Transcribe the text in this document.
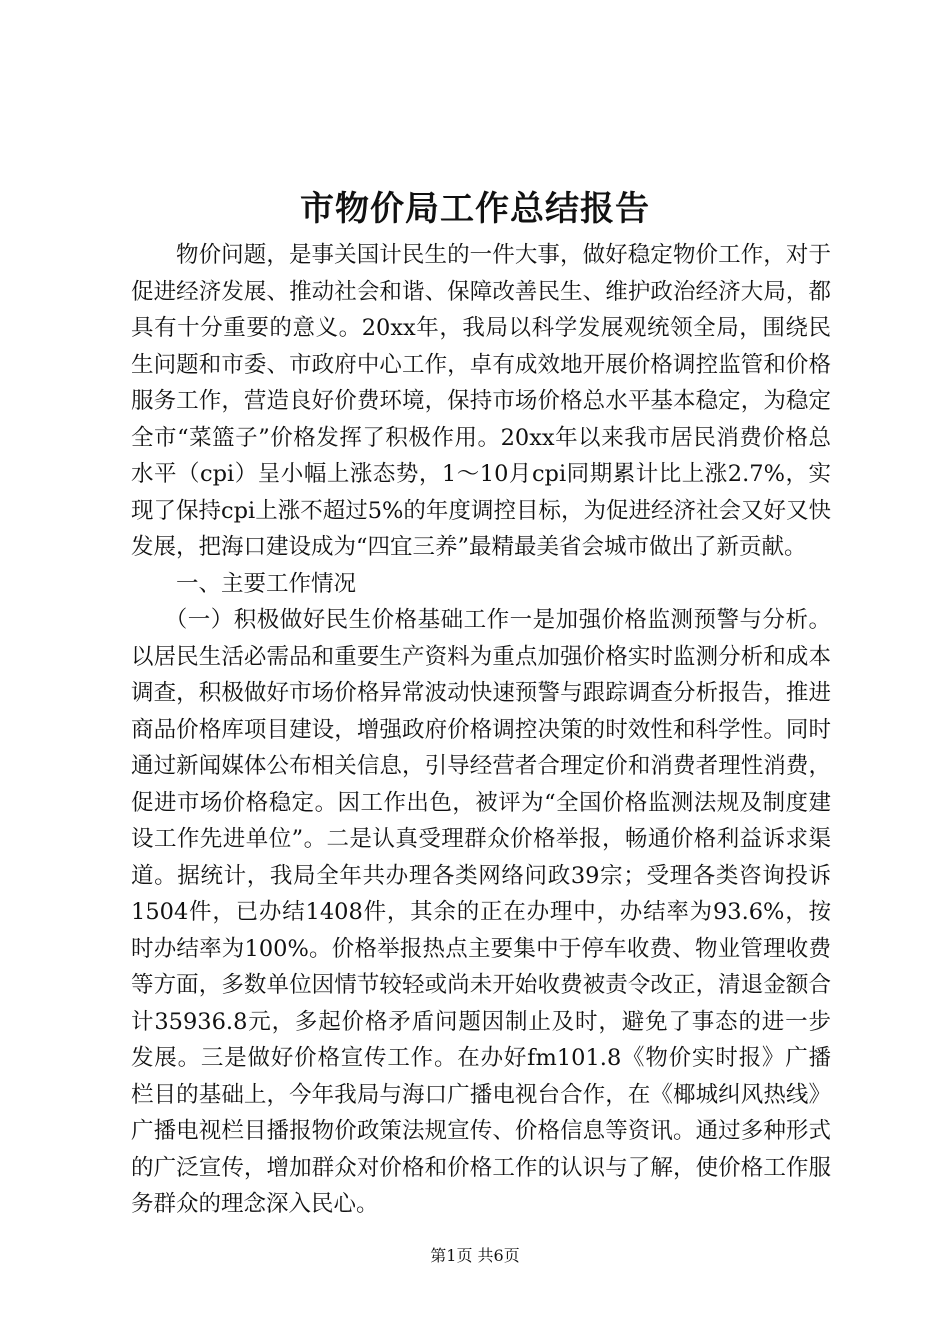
市物价局工作总结报告

物价问题，是事关国计民生的一件大事，做好稳定物价工作，对于促进经济发展、推动社会和谐、保障改善民生、维护政治经济大局，都具有十分重要的意义。20xx年，我局以科学发展观统领全局，围绕民生问题和市委、市政府中心工作，卓有成效地开展价格调控监管和价格服务工作，营造良好价费环境，保持市场价格总水平基本稳定，为稳定全市“菜篮子”价格发挥了积极作用。20xx年以来我市居民消费价格总水平（cpi）呈小幅上涨态势，1～10月cpi同期累计比上涨2.7%，实现了保持cpi上涨不超过5%的年度调控目标，为促进经济社会又好又快发展，把海口建设成为“四宜三养”最精最美省会城市做出了新贡献。

一、主要工作情况

（一）积极做好民生价格基础工作一是加强价格监测预警与分析。以居民生活必需品和重要生产资料为重点加强价格实时监测分析和成本调查，积极做好市场价格异常波动快速预警与跟踪调查分析报告，推进商品价格库项目建设，增强政府价格调控决策的时效性和科学性。同时通过新闻媒体公布相关信息，引导经营者合理定价和消费者理性消费，促进市场价格稳定。因工作出色，被评为“全国价格监测法规及制度建设工作先进单位”。二是认真受理群众价格举报，畅通价格利益诉求渠道。据统计，我局全年共办理各类网络问政39宗；受理各类咨询投诉1504件，已办结1408件，其余的正在办理中，办结率为93.6%，按时办结率为100%。价格举报热点主要集中于停车收费、物业管理收费等方面，多数单位因情节较轻或尚未开始收费被责令改正，清退金额合计35936.8元，多起价格矛盾问题因制止及时，避免了事态的进一步发展。三是做好价格宣传工作。在办好fm101.8《物价实时报》广播栏目的基础上，今年我局与海口广播电视台合作，在《椰城纠风热线》广播电视栏目播报物价政策法规宣传、价格信息等资讯。通过多种形式的广泛宣传，增加群众对价格和价格工作的认识与了解，使价格工作服务群众的理念深入民心。

第1页 共6页
